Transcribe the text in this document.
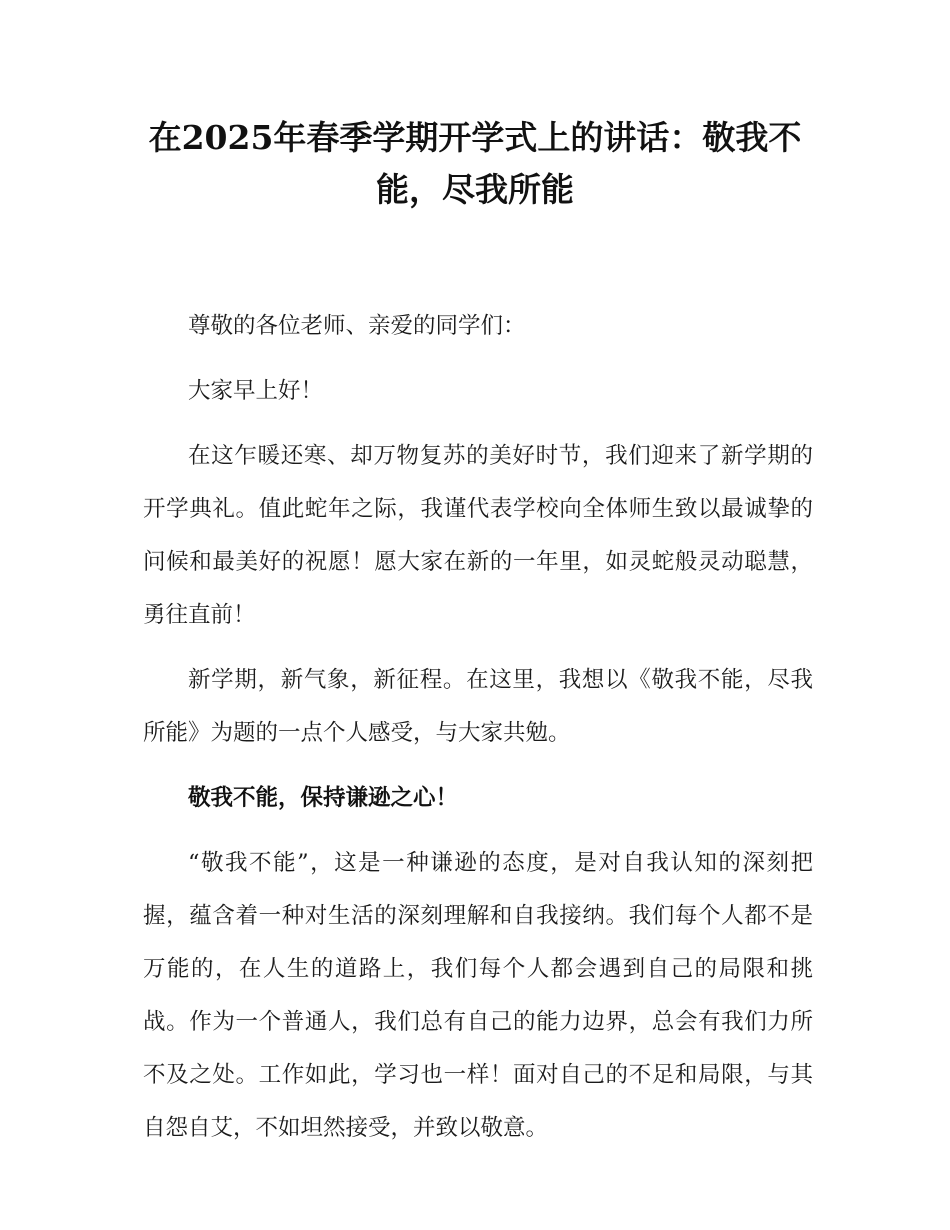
在2025年春季学期开学式上的讲话：敬我不能，尽我所能

尊敬的各位老师、亲爱的同学们：

大家早上好！

在这乍暖还寒、却万物复苏的美好时节，我们迎来了新学期的开学典礼。值此蛇年之际，我谨代表学校向全体师生致以最诚挚的问候和最美好的祝愿！愿大家在新的一年里，如灵蛇般灵动聪慧，勇往直前！

新学期，新气象，新征程。在这里，我想以《敬我不能，尽我所能》为题的一点个人感受，与大家共勉。

敬我不能，保持谦逊之心！

“敬我不能”，这是一种谦逊的态度，是对自我认知的深刻把握，蕴含着一种对生活的深刻理解和自我接纳。我们每个人都不是万能的，在人生的道路上，我们每个人都会遇到自己的局限和挑战。作为一个普通人，我们总有自己的能力边界，总会有我们力所不及之处。工作如此，学习也一样！面对自己的不足和局限，与其自怨自艾，不如坦然接受，并致以敬意。
